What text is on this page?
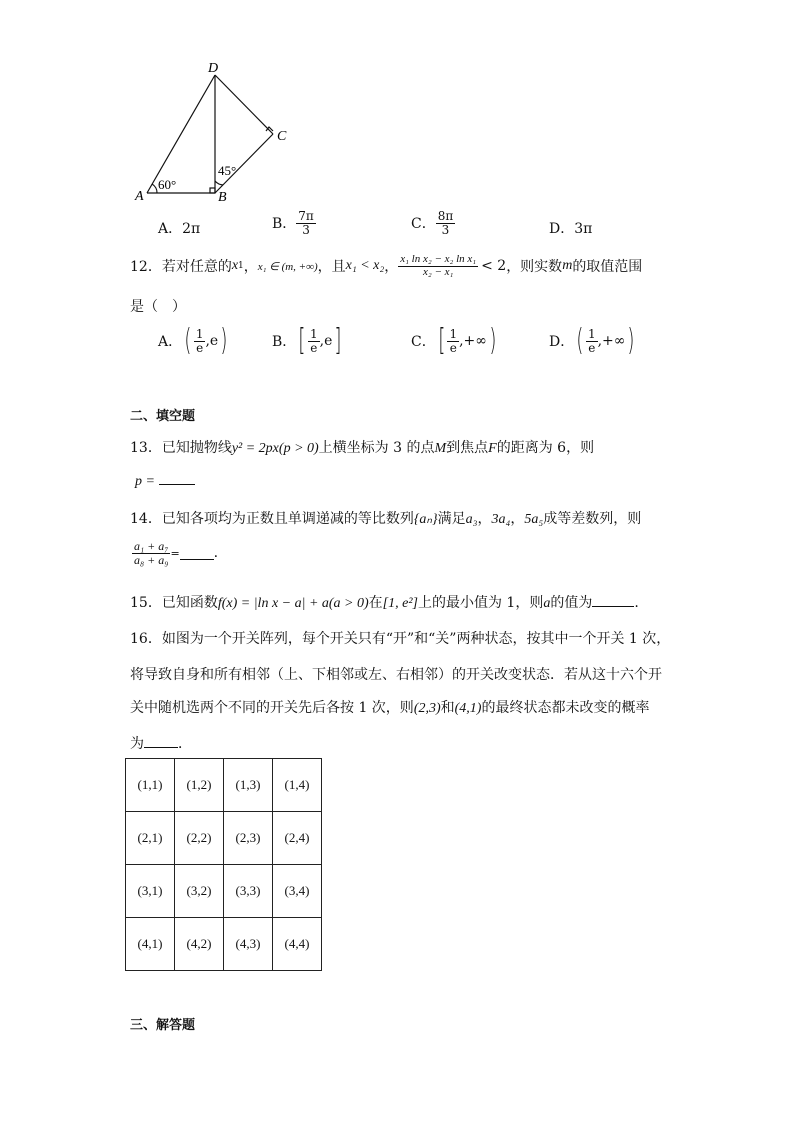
D
C
A	B
60°
45°
A．2π	B． $\frac{7\pi}{3}$	C． $\frac{8\pi}{3}$	D．3π
12． 若对任意的 x 1 ， x₁ ∈ (m, +∞) ，且 x₁ < x₂ ， $\frac{\text{x₁ ln x₂ − x₂ ln x₁}}{\text{x₂ − x₁}} < 2$ ，则实数 m 的取值范围
是（　）
A． ( $\frac{1}{e} ,e$ )	B． [ $\frac{1}{e} ,e$ ]	C． [ $\frac{1}{e}$ ,+∞ )	D． ( $\frac{1}{e}$ ,+∞ )
二、填空题
13．已知抛物线y² = 2px(p > 0)上横坐标为 3 的点M到焦点F的距离为 6，则
p =
14．已知各项均为正数且单调递减的等比数列{aₙ}满足a₃，3a₄，5a₅成等差数列，则
$\frac{\text{a₁ + a₇}}{\text{a₈ + a₉}}$ = .
15．已知函数f(x) = |ln x − a| + a(a > 0)在[1, e²]上的最小值为 1，则a的值为	.
16．如图为一个开关阵列，每个开关只有“开”和“关”两种状态，按其中一个开关 1 次，
将导致自身和所有相邻（上、下相邻或左、右相邻）的开关改变状态．若从这十六个开
关中随机选两个不同的开关先后各按 1 次，则(2,3)和(4,1)的最终状态都未改变的概率
为 ．
(1,1)	(1,2)	(1,3)	(1,4)
(2,1)	(2,2)	(2,3)	(2,4)
(3,1)	(3,2)	(3,3)	(3,4)
(4,1)	(4,2)	(4,3)	(4,4)
三、解答题
